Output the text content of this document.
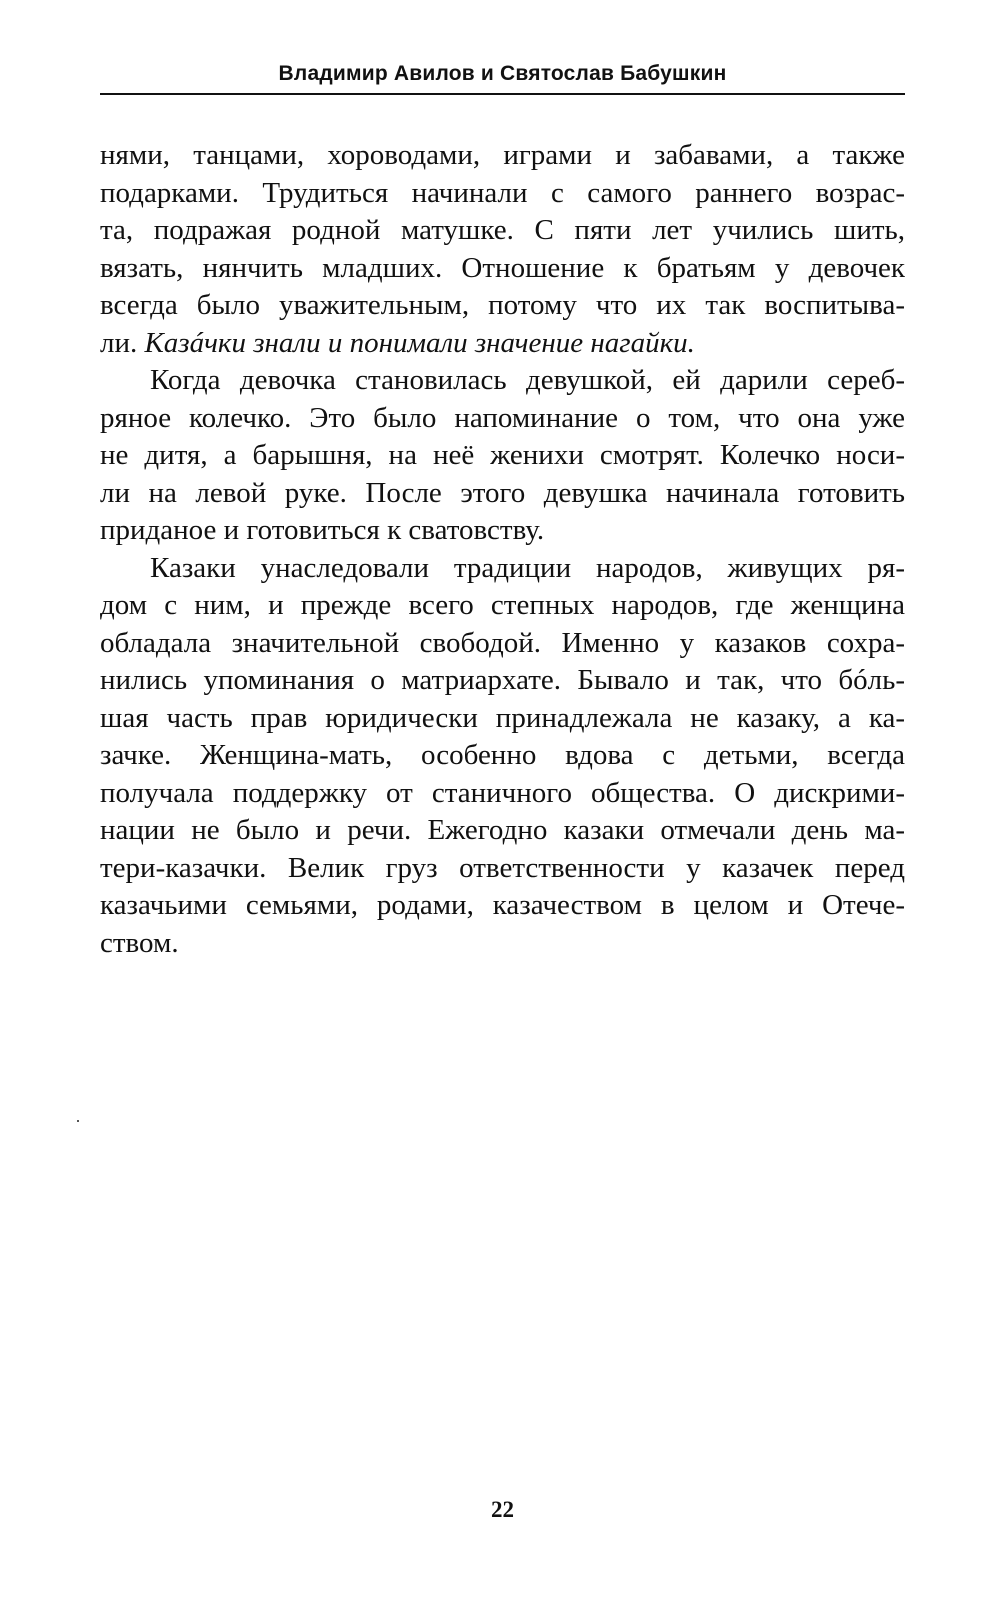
Владимир Авилов и Святослав Бабушкин
нями, танцами, хороводами, играми и забавами, а также
подарками. Трудиться начинали с самого раннего возрас-
та, подражая родной матушке. С пяти лет учились шить,
вязать, нянчить младших. Отношение к братьям у девочек
всегда было уважительным, потому что их так воспитыва-
ли. Казáчки знали и понимали значение нагайки.
Когда девочка становилась девушкой, ей дарили сереб-
ряное колечко. Это было напоминание о том, что она уже
не дитя, а барышня, на неё женихи смотрят. Колечко носи-
ли на левой руке. После этого девушка начинала готовить
приданое и готовиться к сватовству.
Казаки унаследовали традиции народов, живущих ря-
дом с ним, и прежде всего степных народов, где женщина
обладала значительной свободой. Именно у казаков сохра-
нились упоминания о матриархате. Бывало и так, что бóль-
шая часть прав юридически принадлежала не казаку, а ка-
зачке. Женщина-мать, особенно вдова с детьми, всегда
получала поддержку от станичного общества. О дискрими-
нации не было и речи. Ежегодно казаки отмечали день ма-
тери-казачки. Велик груз ответственности у казачек перед
казачьими семьями, родами, казачеством в целом и Отече-
ством.
22
